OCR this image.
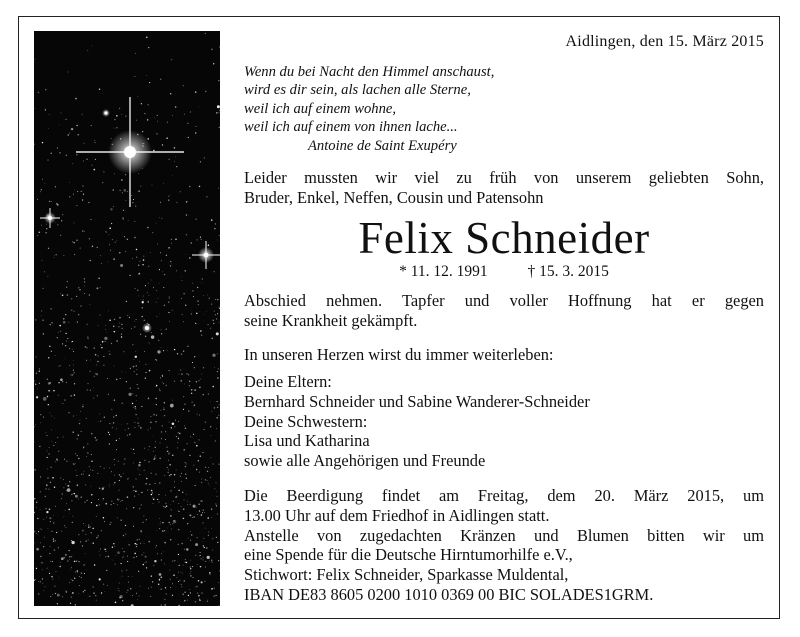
Aidlingen, den 15. März 2015
Wenn du bei Nacht den Himmel anschaust,
wird es dir sein, als lachen alle Sterne,
weil ich auf einem wohne,
weil ich auf einem von ihnen lache...
Antoine de Saint Exupéry
Leider mussten wir viel zu früh von unserem geliebten Sohn,
Bruder, Enkel, Neffen, Cousin und Patensohn
Felix Schneider
* 11. 12. 1991	† 15. 3. 2015
Abschied nehmen. Tapfer und voller Hoffnung hat er gegen
seine Krankheit gekämpft.
In unseren Herzen wirst du immer weiterleben:
Deine Eltern:
Bernhard Schneider und Sabine Wanderer-Schneider
Deine Schwestern:
Lisa und Katharina
sowie alle Angehörigen und Freunde
Die Beerdigung findet am Freitag, dem 20. März 2015, um
13.00 Uhr auf dem Friedhof in Aidlingen statt.
Anstelle von zugedachten Kränzen und Blumen bitten wir um
eine Spende für die Deutsche Hirntumorhilfe e.V.,
Stichwort: Felix Schneider, Sparkasse Muldental,
IBAN DE83 8605 0200 1010 0369 00 BIC SOLADES1GRM.
